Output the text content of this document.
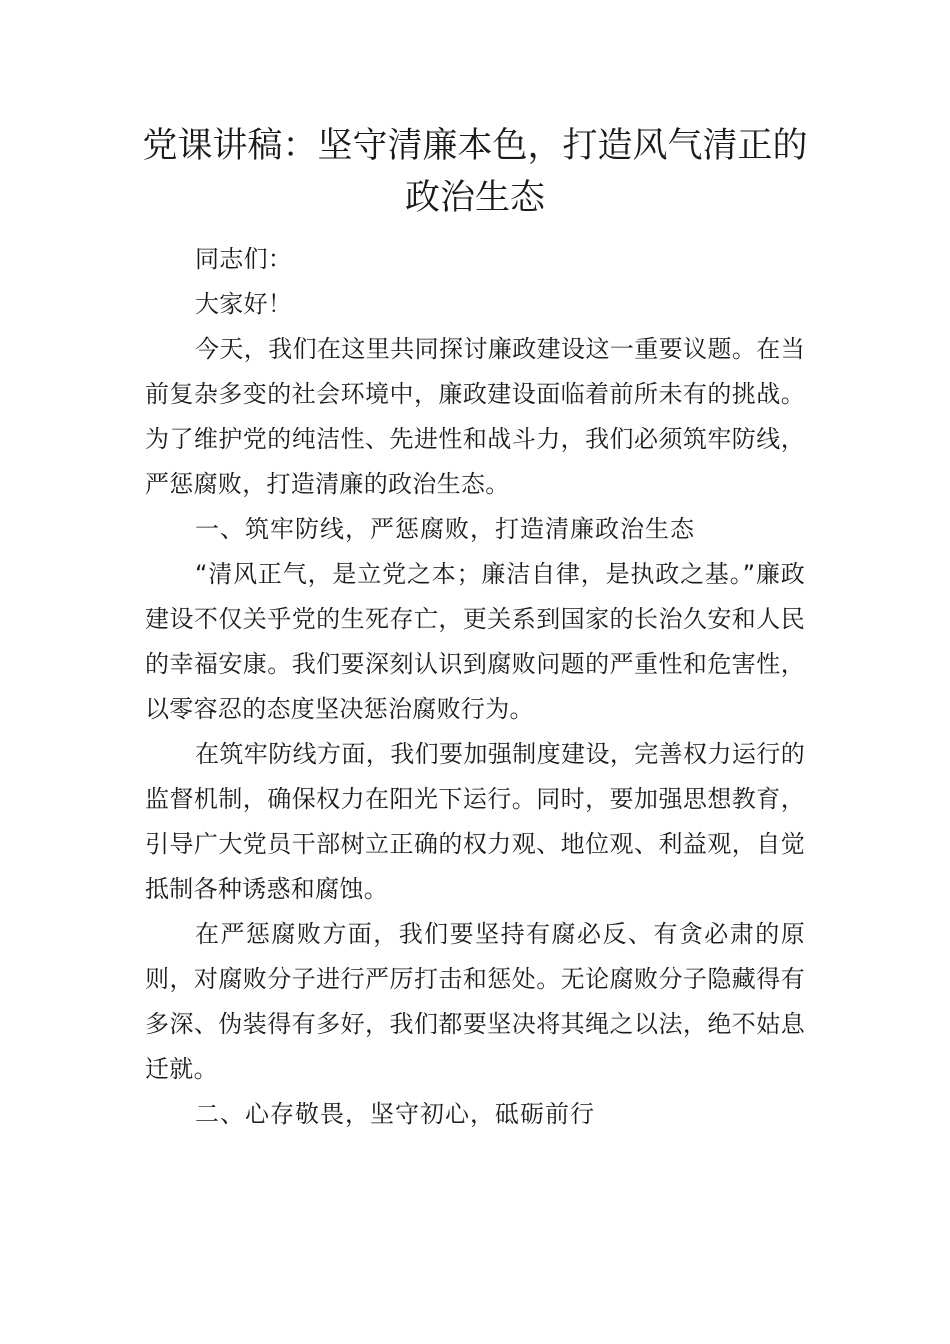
党课讲稿：坚守清廉本色，打造风气清正的政治生态

同志们：

大家好！

今天，我们在这里共同探讨廉政建设这一重要议题。在当前复杂多变的社会环境中，廉政建设面临着前所未有的挑战。为了维护党的纯洁性、先进性和战斗力，我们必须筑牢防线，严惩腐败，打造清廉的政治生态。

一、筑牢防线，严惩腐败，打造清廉政治生态

“清风正气，是立党之本；廉洁自律，是执政之基。”廉政建设不仅关乎党的生死存亡，更关系到国家的长治久安和人民的幸福安康。我们要深刻认识到腐败问题的严重性和危害性，以零容忍的态度坚决惩治腐败行为。

在筑牢防线方面，我们要加强制度建设，完善权力运行的监督机制，确保权力在阳光下运行。同时，要加强思想教育，引导广大党员干部树立正确的权力观、地位观、利益观，自觉抵制各种诱惑和腐蚀。

在严惩腐败方面，我们要坚持有腐必反、有贪必肃的原则，对腐败分子进行严厉打击和惩处。无论腐败分子隐藏得有多深、伪装得有多好，我们都要坚决将其绳之以法，绝不姑息迁就。

二、心存敬畏，坚守初心，砥砺前行
